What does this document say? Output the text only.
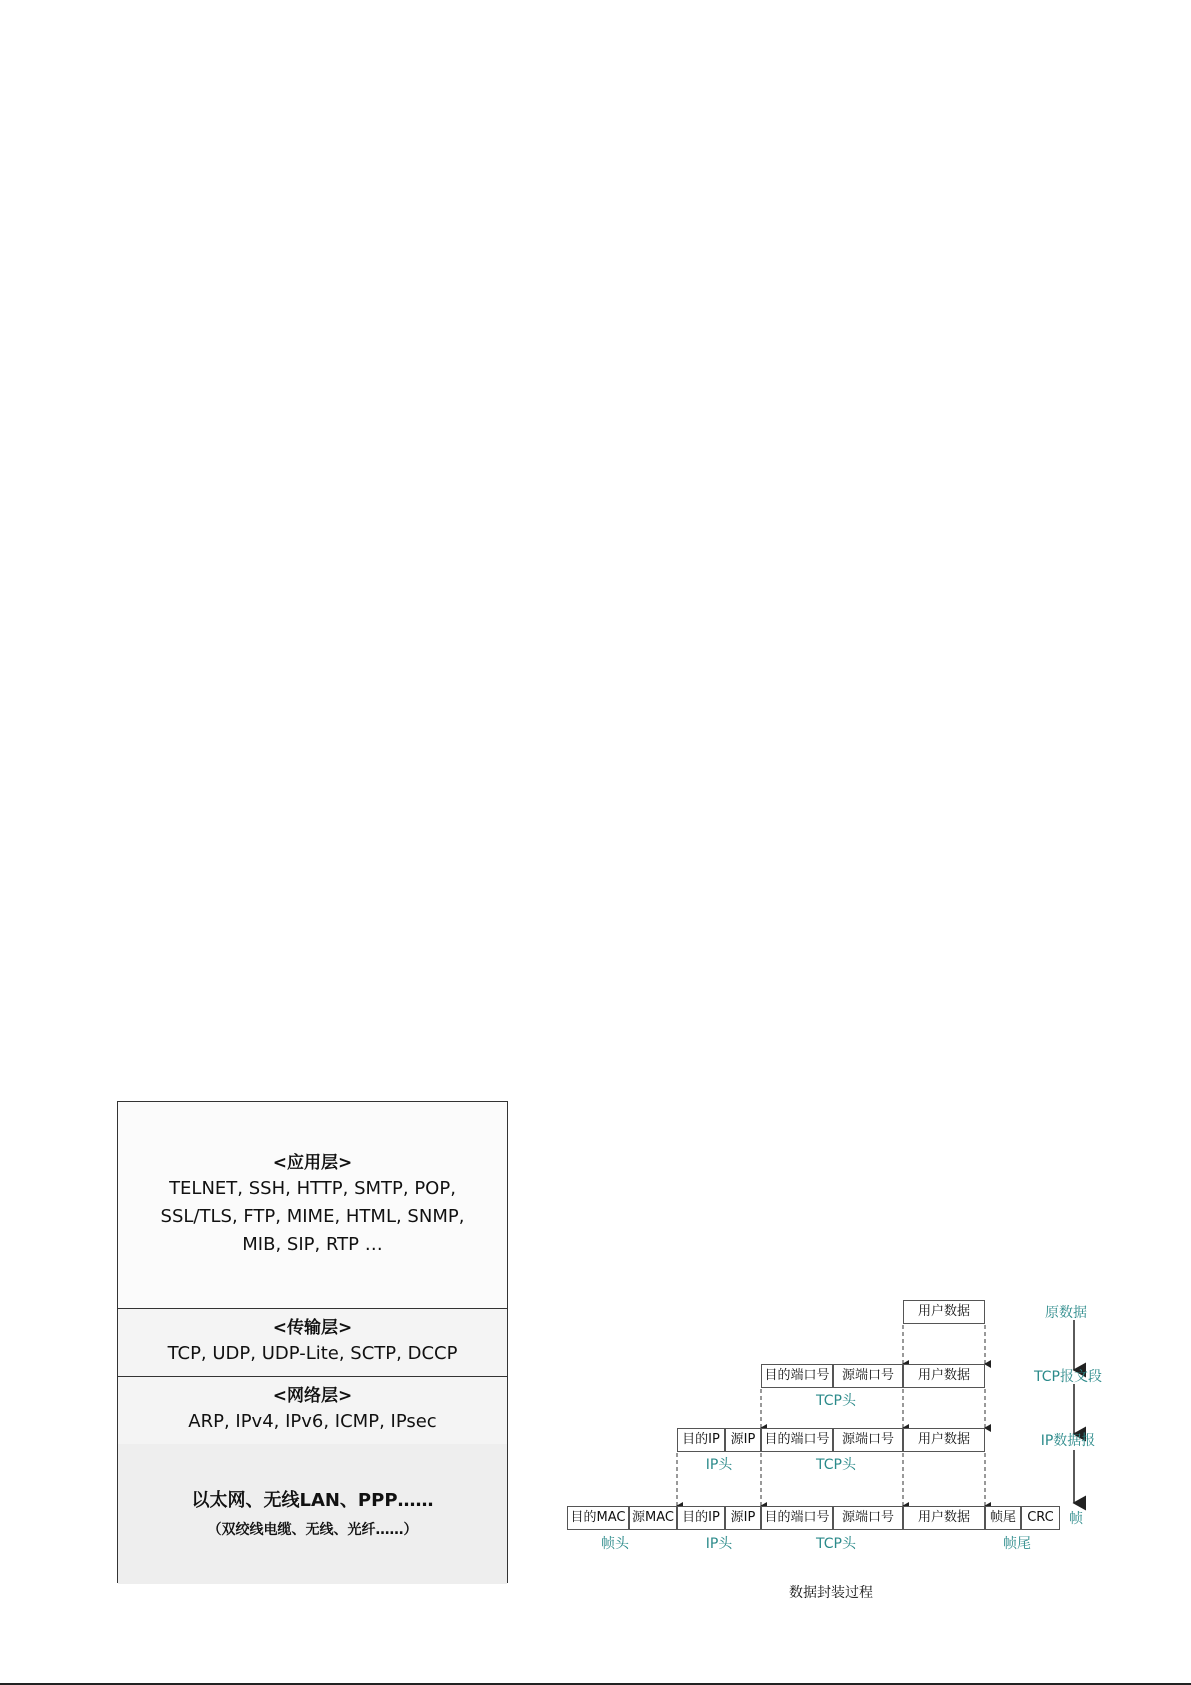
<应用层>
TELNET, SSH, HTTP, SMTP, POP, SSL/TLS, FTP, MIME, HTML, SNMP, MIB, SIP, RTP …
<传输层>
TCP, UDP, UDP-Lite, SCTP, DCCP
<网络层>
ARP, IPv4, IPv6, ICMP, IPsec
以太网、无线LAN、PPP……
（双绞线电缆、无线、光纤……）
用户数据
目的端口号 源端口号	用户数据
TCP头
目的IP 源IP 目的端口号 源端口号	用户数据
IP头	TCP头
目的MAC 源MAC 目的IP 源IP 目的端口号 源端口号	用户数据	帧尾 CRC
帧头	IP头	TCP头	帧尾
原数据
TCP报文段
IP数据报
帧
数据封装过程
